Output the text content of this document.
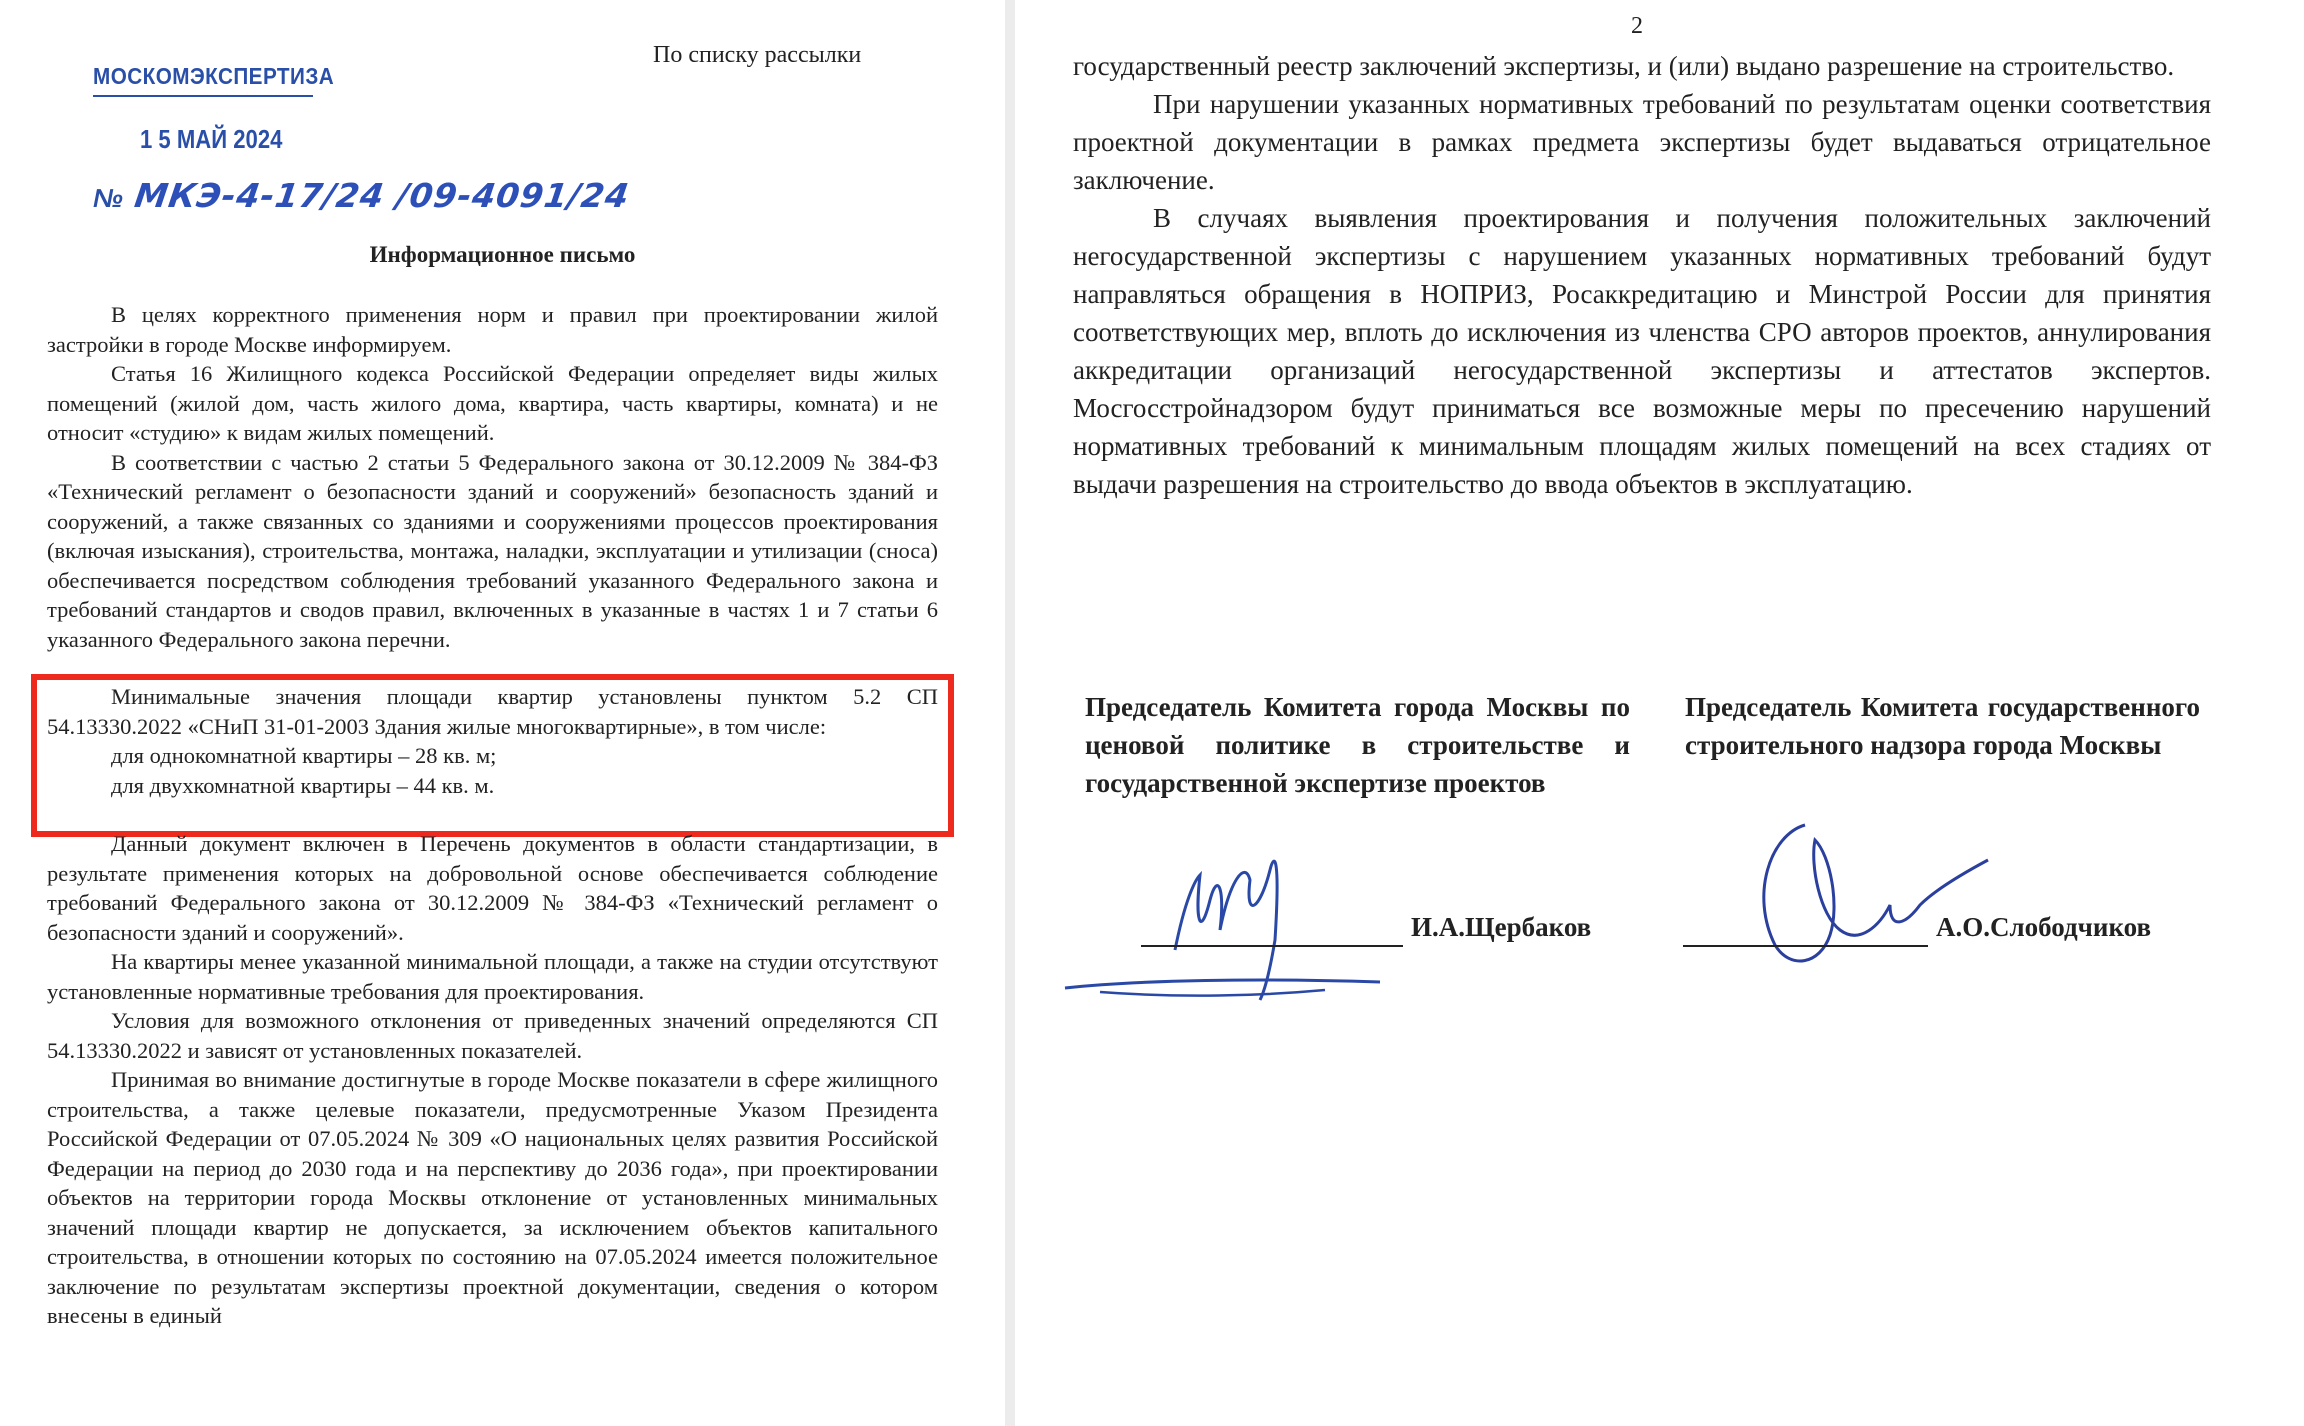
МОСКОМЭКСПЕРТИЗА
1 5 МАЙ 2024
№ МКЭ-4-17/24 /09-4091/24
По списку рассылки
Информационное письмо

В целях корректного применения норм и правил при проектировании жилой застройки в городе Москве информируем.

Статья 16 Жилищного кодекса Российской Федерации определяет виды жилых помещений (жилой дом, часть жилого дома, квартира, часть квартиры, комната) и не относит «студию» к видам жилых помещений.

В соответствии с частью 2 статьи 5 Федерального закона от 30.12.2009 № 384-ФЗ «Технический регламент о безопасности зданий и сооружений» безопасность зданий и сооружений, а также связанных со зданиями и сооружениями процессов проектирования (включая изыскания), строительства, монтажа, наладки, эксплуатации и утилизации (сноса) обеспечивается посредством соблюдения требований указанного Федерального закона и требований стандартов и сводов правил, включенных в указанные в частях 1 и 7 статьи 6 указанного Федерального закона перечни.

Минимальные значения площади квартир установлены пунктом 5.2 СП 54.13330.2022 «СНиП 31-01-2003 Здания жилые многоквартирные», в том числе:

для однокомнатной квартиры – 28 кв. м;

для двухкомнатной квартиры – 44 кв. м.

Данный документ включен в Перечень документов в области стандартизации, в результате применения которых на добровольной основе обеспечивается соблюдение требований Федерального закона от 30.12.2009 № 384-ФЗ «Технический регламент о безопасности зданий и сооружений».

На квартиры менее указанной минимальной площади, а также на студии отсутствуют установленные нормативные требования для проектирования.

Условия для возможного отклонения от приведенных значений определяются СП 54.13330.2022 и зависят от установленных показателей.

Принимая во внимание достигнутые в городе Москве показатели в сфере жилищного строительства, а также целевые показатели, предусмотренные Указом Президента Российской Федерации от 07.05.2024 № 309 «О национальных целях развития Российской Федерации на период до 2030 года и на перспективу до 2036 года», при проектировании объектов на территории города Москвы отклонение от установленных минимальных значений площади квартир не допускается, за исключением объектов капитального строительства, в отношении которых по состоянию на 07.05.2024 имеется положительное заключение по результатам экспертизы проектной документации, сведения о котором внесены в единый

2

государственный реестр заключений экспертизы, и (или) выдано разрешение на строительство.

При нарушении указанных нормативных требований по результатам оценки соответствия проектной документации в рамках предмета экспертизы будет выдаваться отрицательное заключение.

В случаях выявления проектирования и получения положительных заключений негосударственной экспертизы с нарушением указанных нормативных требований будут направляться обращения в НОПРИЗ, Росаккредитацию и Минстрой России для принятия соответствующих мер, вплоть до исключения из членства СРО авторов проектов, аннулирования аккредитации организаций негосударственной экспертизы и аттестатов экспертов. Мосгосстройнадзором будут приниматься все возможные меры по пресечению нарушений нормативных требований к минимальным площадям жилых помещений на всех стадиях от выдачи разрешения на строительство до ввода объектов в эксплуатацию.

Председатель Комитета города Москвы по ценовой политике в строительстве и государственной экспертизе проектов
Председатель Комитета государственного строительного надзора города Москвы
И.А.Щербаков	А.О.Слободчиков
